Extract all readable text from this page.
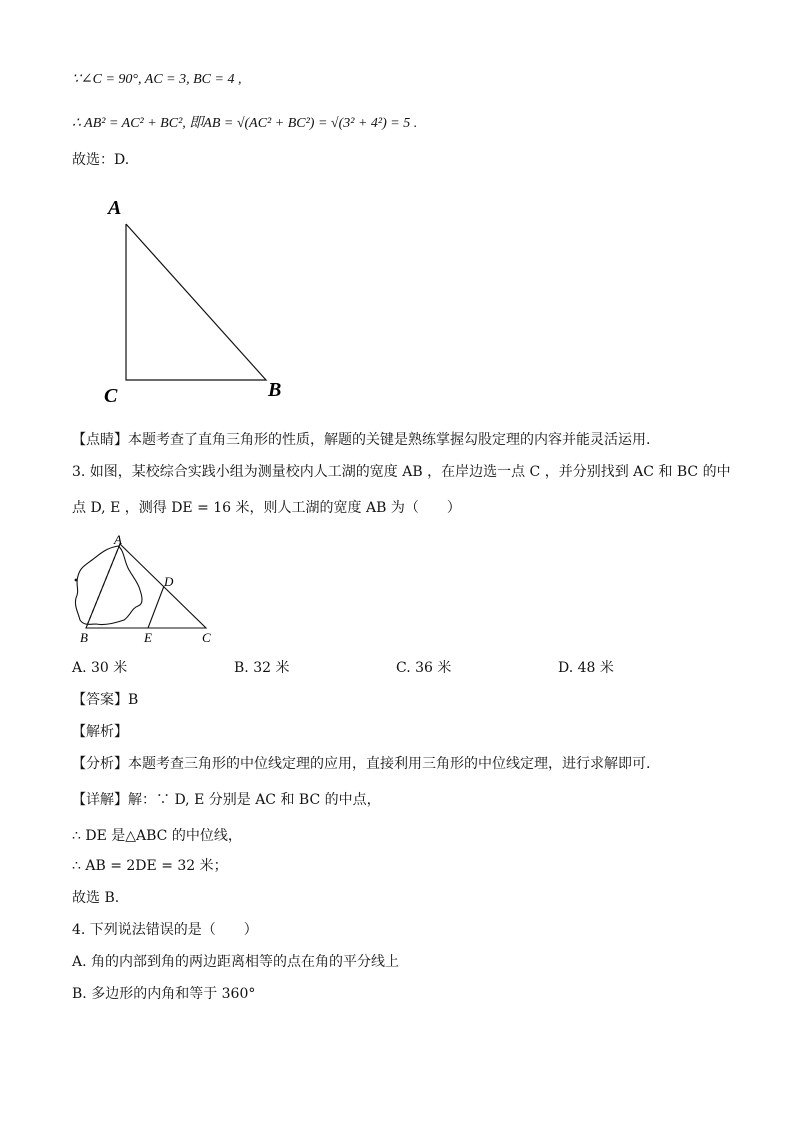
∵∠C = 90°, AC = 3, BC = 4 ,
∴ AB² = AC² + BC², 即AB = √(AC² + BC²) = √(3² + 4²) = 5 .
故选：D.
A
C	B
【点睛】本题考查了直角三角形的性质，解题的关键是熟练掌握勾股定理的内容并能灵活运用.
3. 如图，某校综合实践小组为测量校内人工湖的宽度 AB ，在岸边选一点 C ，并分别找到 AC 和 BC 的中
点 D, E ，测得 DE = 16 米，则人工湖的宽度 AB 为（　　）
A
D
B	E	C
A. 30 米	B. 32 米	C. 36 米	D. 48 米
【答案】B
【解析】
【分析】本题考查三角形的中位线定理的应用，直接利用三角形的中位线定理，进行求解即可.
【详解】解：∵ D, E 分别是 AC 和 BC 的中点，
∴ DE 是△ABC 的中位线，
∴ AB = 2DE = 32 米；
故选 B.
4. 下列说法错误的是（　　）
A. 角的内部到角的两边距离相等的点在角的平分线上
B. 多边形的内角和等于 360°
